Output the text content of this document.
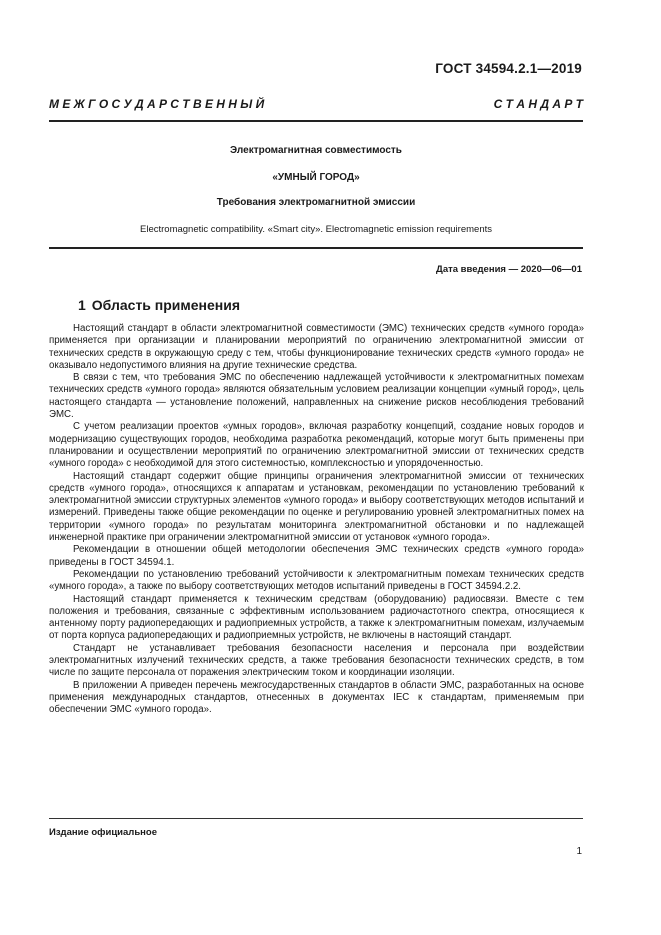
ГОСТ 34594.2.1—2019
М Е Ж Г О С У Д А Р С Т В Е Н Н Ы Й	С Т А Н Д А Р Т
Электромагнитная совместимость
«УМНЫЙ ГОРОД»
Требования электромагнитной эмиссии
Electromagnetic compatibility. «Smart city». Electromagnetic emission requirements
Дата введения — 2020—06—01
1 Область применения

Настоящий стандарт в области электромагнитной совместимости (ЭМС) технических средств «умного города» применяется при организации и планировании мероприятий по ограничению электромагнитной эмиссии от технических средств в окружающую среду с тем, чтобы функционирование технических средств «умного города» не оказывало недопустимого влияния на другие технические средства.

В связи с тем, что требования ЭМС по обеспечению надлежащей устойчивости к электромагнитных помехам технических средств «умного города» являются обязательным условием реализации концепции «умный город», цель настоящего стандарта — установление положений, направленных на снижение рисков несоблюдения требований ЭМС.

С учетом реализации проектов «умных городов», включая разработку концепций, создание новых городов и модернизацию существующих городов, необходима разработка рекомендаций, которые могут быть применены при планировании и осуществлении мероприятий по ограничению электромагнитной эмиссии от технических средств «умного города» с необходимой для этого системностью, комплексностью и упорядоченностью.

Настоящий стандарт содержит общие принципы ограничения электромагнитной эмиссии от технических средств «умного города», относящихся к аппаратам и установкам, рекомендации по установлению требований к электромагнитной эмиссии структурных элементов «умного города» и выбору соответствующих методов испытаний и измерений. Приведены также общие рекомендации по оценке и регулированию уровней электромагнитных помех на территории «умного города» по результатам мониторинга электромагнитной обстановки и по надлежащей инженерной практике при ограничении электромагнитной эмиссии от установок «умного города».

Рекомендации в отношении общей методологии обеспечения ЭМС технических средств «умного города» приведены в ГОСТ 34594.1.

Рекомендации по установлению требований устойчивости к электромагнитным помехам технических средств «умного города», а также по выбору соответствующих методов испытаний приведены в ГОСТ 34594.2.2.

Настоящий стандарт применяется к техническим средствам (оборудованию) радиосвязи. Вместе с тем положения и требования, связанные с эффективным использованием радиочастотного спектра, относящиеся к антенному порту радиопередающих и радиоприемных устройств, а также к электромагнитным помехам, излучаемым от порта корпуса радиопередающих и радиоприемных устройств, не включены в настоящий стандарт.

Стандарт не устанавливает требования безопасности населения и персонала при воздействии электромагнитных излучений технических средств, а также требования безопасности технических средств, в том числе по защите персонала от поражения электрическим током и координации изоляции.

В приложении А приведен перечень межгосударственных стандартов в области ЭМС, разработанных на основе применения международных стандартов, отнесенных в документах IEC к стандартам, применяемым при обеспечении ЭМС «умного города».

Издание официальное
1
